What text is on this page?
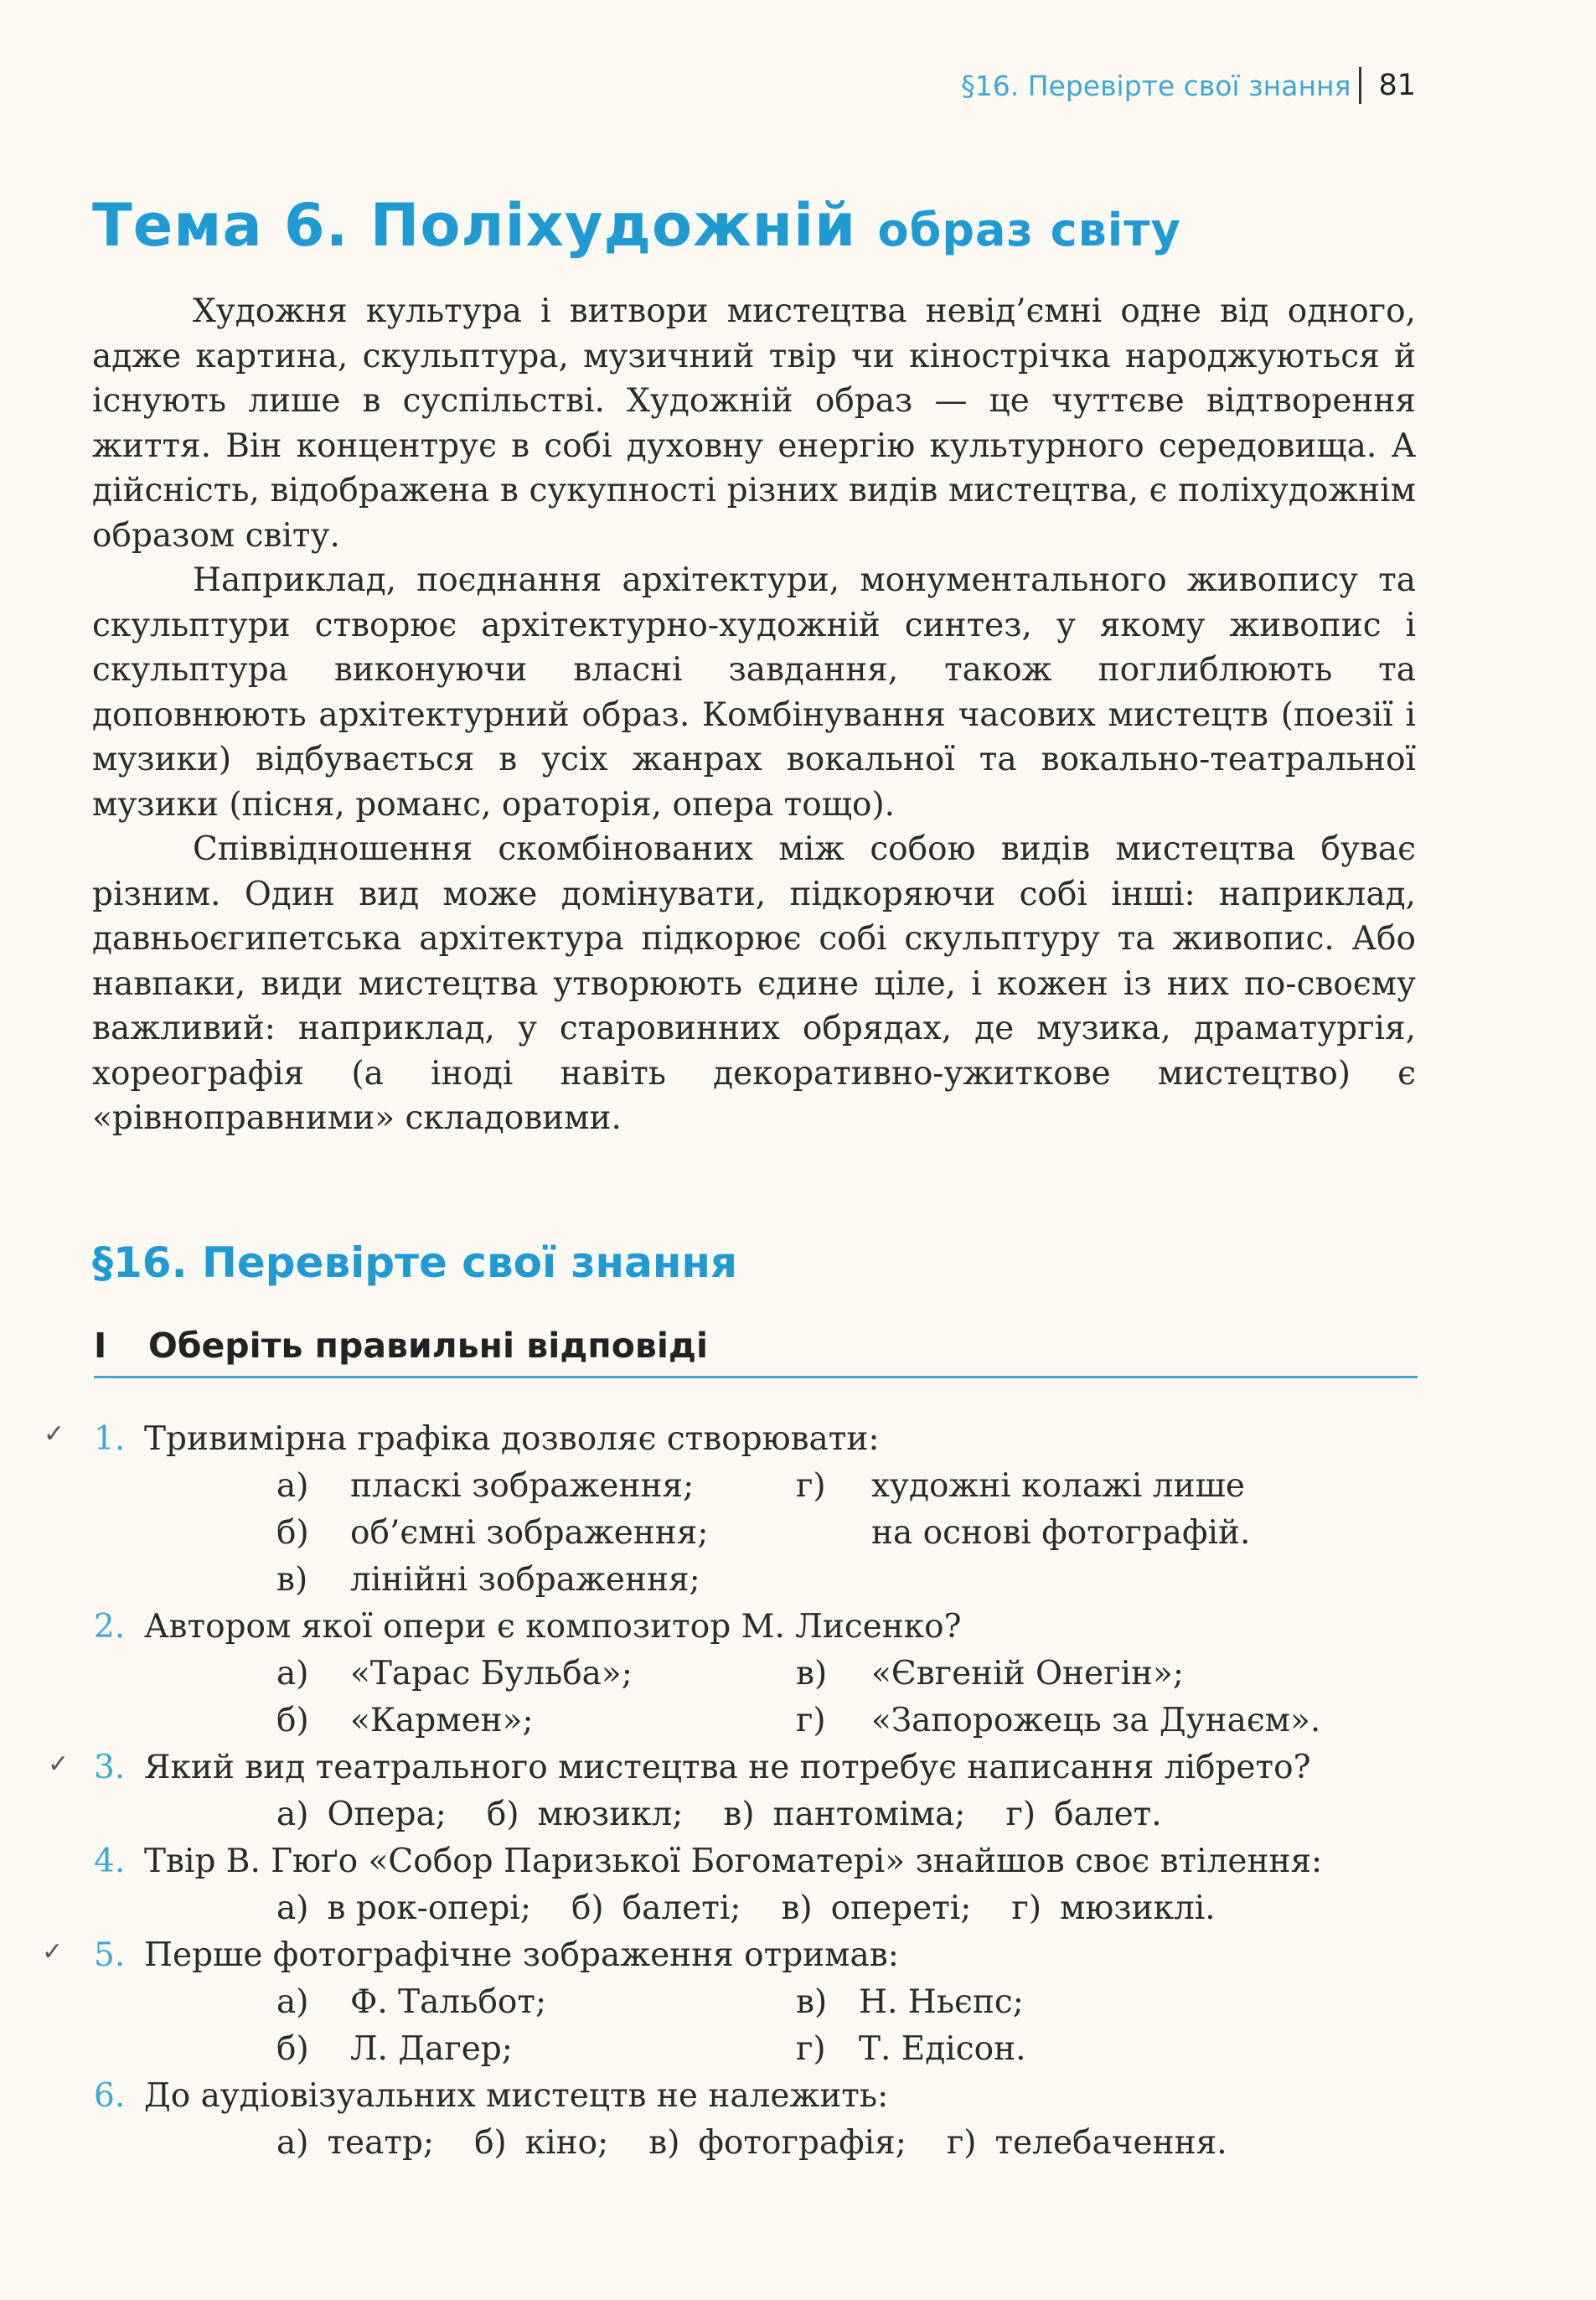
§16. Перевірте свої знання 81
Тема 6. Поліхудожній образ світу

Художня культура і витвори мистецтва невід’ємні одне від одного, адже картина, скульптура, музичний твір чи кінострічка народжуються й існують лише в суспільстві. Художній образ — це чуттєве відтворення життя. Він концентрує в собі духовну енергію культурного середовища. А дійсність, відображена в сукупності різних видів мистецтва, є поліхудожнім образом світу.

Наприклад, поєднання архітектури, монументального живопису та скульптури створює архітектурно-художній синтез, у якому живопис і скульптура виконуючи власні завдання, також поглиблюють та доповнюють архітектурний образ. Комбінування часових мистецтв (поезії і музики) відбувається в усіх жанрах вокальної та вокально-театральної музики (пісня, романс, ораторія, опера тощо).

Співвідношення скомбінованих між собою видів мистецтва буває різним. Один вид може домінувати, підкоряючи собі інші: наприклад, давньоєгипетська архітектура підкорює собі скульптуру та живопис. Або навпаки, види мистецтва утворюють єдине ціле, і кожен із них по-своєму важливий: наприклад, у старовинних обрядах, де музика, драматургія, хореографія (а іноді навіть декоративно-ужиткове мистецтво) є «рівноправними» складовими.

§16. Перевірте свої знання
I	Оберіть правильні відповіді
✓ 1. Тривимірна графіка дозволяє створювати:
а)	пласкі зображення;
б)	об’ємні зображення;
в)	лінійні зображення;
г)	художні колажі лише
на основі фотографій.
2. Автором якої опери є композитор М. Лисенко?
а)	«Тарас Бульба»;
б)	«Кармен»;
в)	«Євгеній Онегін»;
г)	«Запорожець за Дунаєм».
✓ 3. Який вид театрального мистецтва не потребує написання лібрето?
а) Опера; б) мюзикл; в) пантоміма; г) балет.
4. Твір В. Гюґо «Собор Паризької Богоматері» знайшов своє втілення:
а) в рок-опері; б) балеті; в) опереті; г) мюзиклі.
✓ 5. Перше фотографічне зображення отримав:
а)	Ф. Тальбот;
б)	Л. Дагер;
в) Н. Ньєпс;
г)	Т. Едісон.
6. До аудіовізуальних мистецтв не належить:
а) театр; б) кіно; в) фотографія; г) телебачення.
